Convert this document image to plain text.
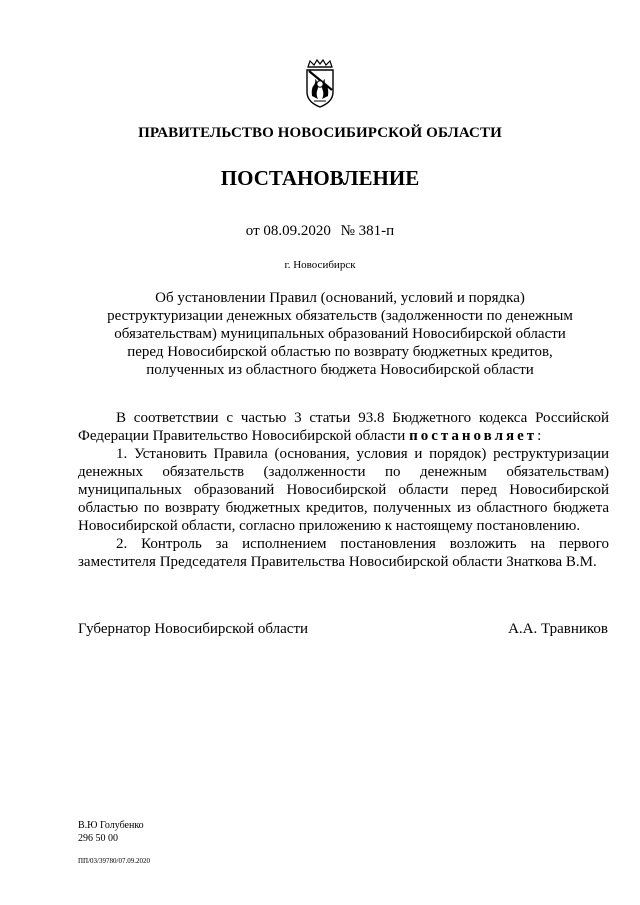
ПРАВИТЕЛЬСТВО НОВОСИБИРСКОЙ ОБЛАСТИ
ПОСТАНОВЛЕНИЕ
от 08.09.2020 № 381-п
г. Новосибирск
Об установлении Правил (оснований, условий и порядка)
реструктуризации денежных обязательств (задолженности по денежным
обязательствам) муниципальных образований Новосибирской области
перед Новосибирской областью по возврату бюджетных кредитов,
полученных из областного бюджета Новосибирской области
В соответствии с частью 3 статьи 93.8 Бюджетного кодекса Российской
Федерации Правительство Новосибирской области постановляет:
1. Установить Правила (основания, условия и порядок) реструктуризации
денежных обязательств (задолженности по денежным обязательствам)
муниципальных образований Новосибирской области перед Новосибирской
областью по возврату бюджетных кредитов, полученных из областного бюджета
Новосибирской области, согласно приложению к настоящему постановлению.
2. Контроль за исполнением постановления возложить на первого
заместителя Председателя Правительства Новосибирской области Знаткова В.М.
Губернатор Новосибирской области	А.А. Травников
В.Ю Голубенко
296 50 00
ПП/03/39780/07.09.2020
